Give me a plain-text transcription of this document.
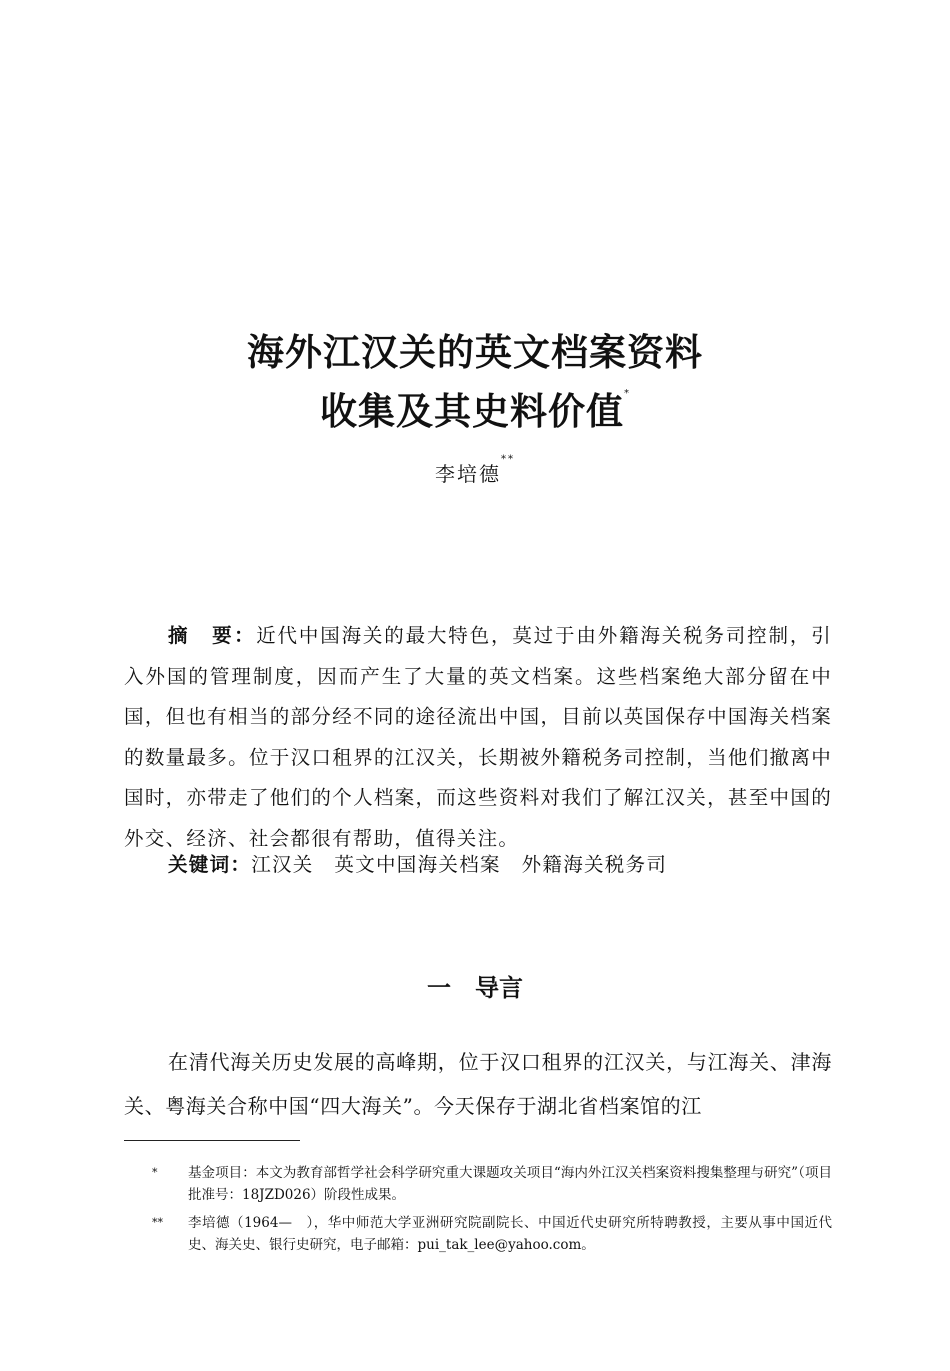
海外江汉关的英文档案资料
收集及其史料价值*
李培德**
摘　要：近代中国海关的最大特色，莫过于由外籍海关税务司控制，引入外国的管理制度，因而产生了大量的英文档案。这些档案绝大部分留在中国，但也有相当的部分经不同的途径流出中国，目前以英国保存中国海关档案的数量最多。位于汉口租界的江汉关，长期被外籍税务司控制，当他们撤离中国时，亦带走了他们的个人档案，而这些资料对我们了解江汉关，甚至中国的外交、经济、社会都很有帮助，值得关注。
关键词：江汉关　英文中国海关档案　外籍海关税务司
一　导言
在清代海关历史发展的高峰期，位于汉口租界的江汉关，与江海关、津海关、粤海关合称中国“四大海关”。今天保存于湖北省档案馆的江
*	基金项目：本文为教育部哲学社会科学研究重大课题攻关项目“海内外江汉关档案资料搜集整理与研究”（项目批准号：18JZD026）阶段性成果。
**	李培德（1964—　），华中师范大学亚洲研究院副院长、中国近代史研究所特聘教授，主要从事中国近代史、海关史、银行史研究，电子邮箱：pui_tak_lee@yahoo.com。
